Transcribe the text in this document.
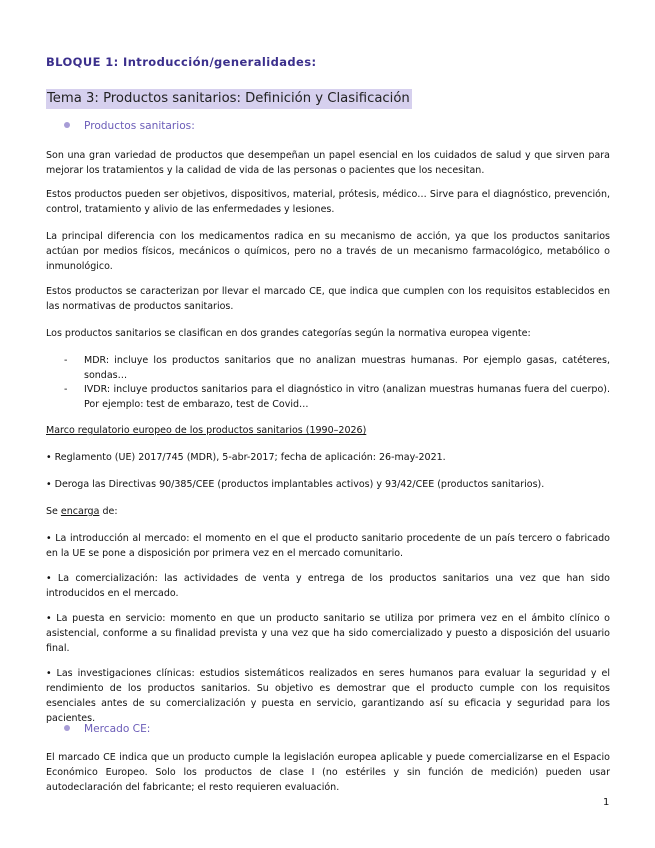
BLOQUE 1: Introducción/generalidades:
Tema 3: Productos sanitarios: Definición y Clasificación
Productos sanitarios:

Son una gran variedad de productos que desempeñan un papel esencial en los cuidados de salud y que sirven para mejorar los tratamientos y la calidad de vida de las personas o pacientes que los necesitan.

Estos productos pueden ser objetivos, dispositivos, material, prótesis, médico… Sirve para el diagnóstico, prevención, control, tratamiento y alivio de las enfermedades y lesiones.

La principal diferencia con los medicamentos radica en su mecanismo de acción, ya que los productos sanitarios actúan por medios físicos, mecánicos o químicos, pero no a través de un mecanismo farmacológico, metabólico o inmunológico.

Estos productos se caracterizan por llevar el marcado CE, que indica que cumplen con los requisitos establecidos en las normativas de productos sanitarios.

Los productos sanitarios se clasifican en dos grandes categorías según la normativa europea vigente:

- MDR: incluye los productos sanitarios que no analizan muestras humanas. Por ejemplo gasas, catéteres, sondas…
- IVDR: incluye productos sanitarios para el diagnóstico in vitro (analizan muestras humanas fuera del cuerpo). Por ejemplo: test de embarazo, test de Covid…

Marco regulatorio europeo de los productos sanitarios (1990–2026)

• Reglamento (UE) 2017/745 (MDR), 5-abr-2017; fecha de aplicación: 26-may-2021.

• Deroga las Directivas 90/385/CEE (productos implantables activos) y 93/42/CEE (productos sanitarios).

Se encarga de:

• La introducción al mercado: el momento en el que el producto sanitario procedente de un país tercero o fabricado en la UE se pone a disposición por primera vez en el mercado comunitario.

• La comercialización: las actividades de venta y entrega de los productos sanitarios una vez que han sido introducidos en el mercado.

• La puesta en servicio: momento en que un producto sanitario se utiliza por primera vez en el ámbito clínico o asistencial, conforme a su finalidad prevista y una vez que ha sido comercializado y puesto a disposición del usuario final.

• Las investigaciones clínicas: estudios sistemáticos realizados en seres humanos para evaluar la seguridad y el rendimiento de los productos sanitarios. Su objetivo es demostrar que el producto cumple con los requisitos esenciales antes de su comercialización y puesta en servicio, garantizando así su eficacia y seguridad para los pacientes.

Mercado CE:

El marcado CE indica que un producto cumple la legislación europea aplicable y puede comercializarse en el Espacio Económico Europeo. Solo los productos de clase I (no estériles y sin función de medición) pueden usar autodeclaración del fabricante; el resto requieren evaluación.

1
